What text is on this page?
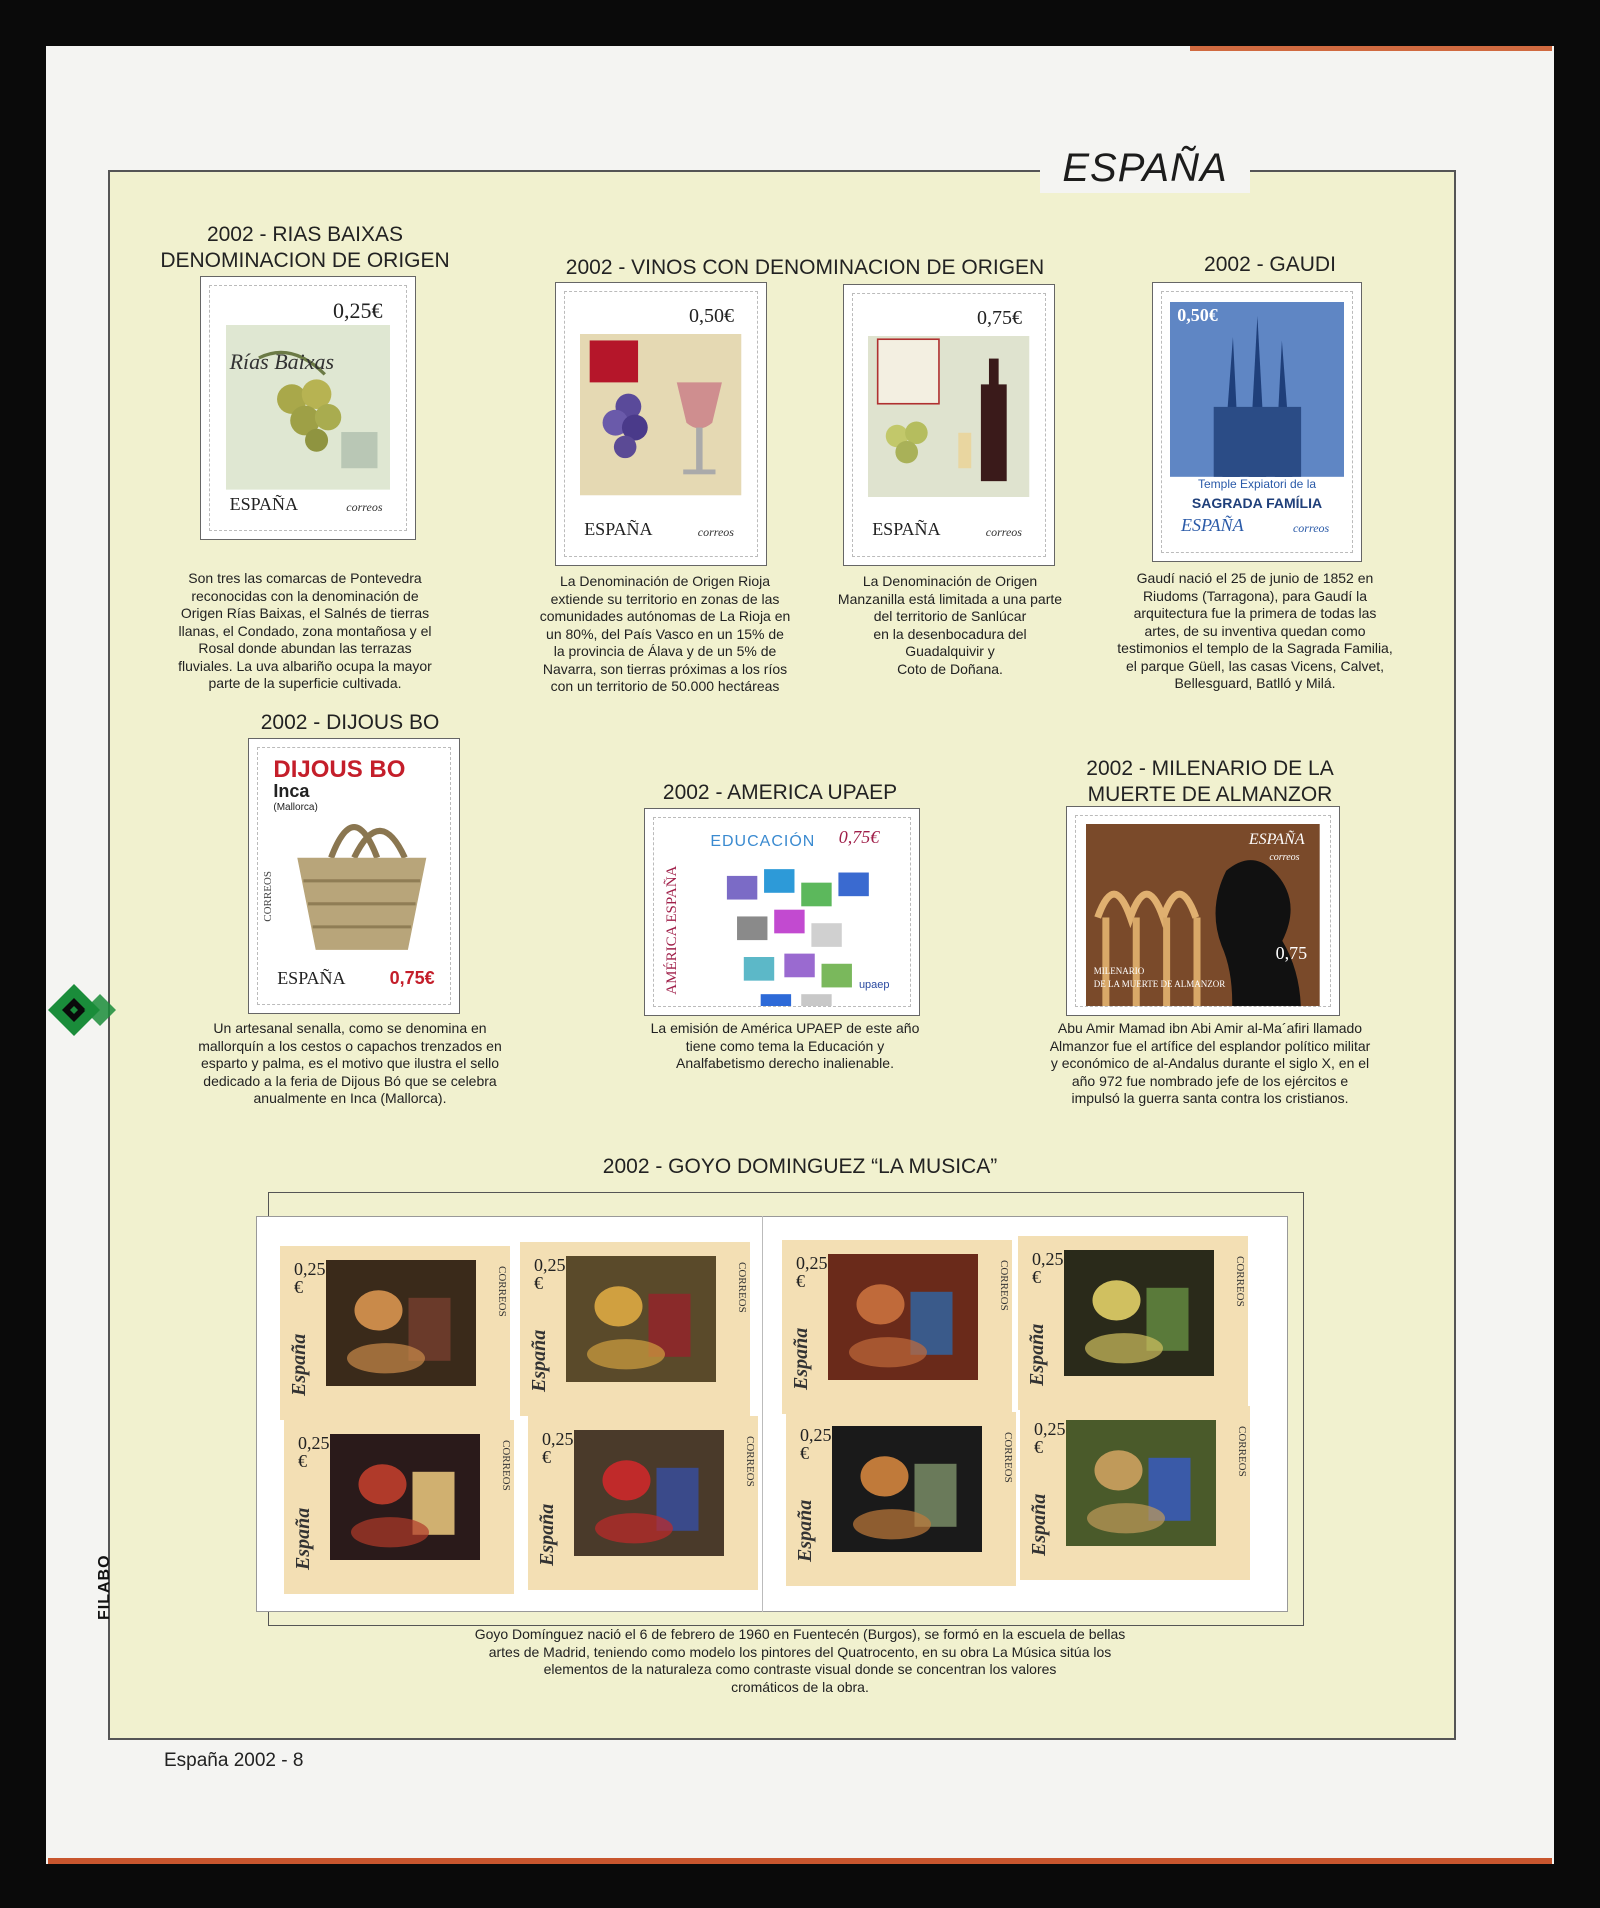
ESPAÑA
FILABO
España 2002 - 8
2002 - RIAS BAIXAS
DENOMINACION DE ORIGEN
0,25€
Rías Baixas
ESPAÑA	correos
Son tres las comarcas de Pontevedra
reconocidas con la denominación de
Origen Rías Baixas, el Salnés de tierras
llanas, el Condado, zona montañosa y el
Rosal donde abundan las terrazas
fluviales. La uva albariño ocupa la mayor
parte de la superficie cultivada.
2002 - VINOS CON DENOMINACION DE ORIGEN
0,50€
ESPAÑA	correos
0,75€
ESPAÑA	correos
La Denominación de Origen Rioja
extiende su territorio en zonas de las
comunidades autónomas de La Rioja en
un 80%, del País Vasco en un 15% de
la provincia de Álava y de un 5% de
Navarra, son tierras próximas a los ríos
con un territorio de 50.000 hectáreas
La Denominación de Origen
Manzanilla está limitada a una parte
del territorio de Sanlúcar
en la desenbocadura del
Guadalquivir y
Coto de Doñana.
2002 - GAUDI
0,50€
Temple Expiatori de la
SAGRADA FAMÍLIA
ESPAÑA	correos
Gaudí nació el 25 de junio de 1852 en
Riudoms (Tarragona), para Gaudí la
arquitectura fue la primera de todas las
artes, de su inventiva quedan como
testimonios el templo de la Sagrada Familia,
el parque Güell, las casas Vicens, Calvet,
Bellesguard, Batlló y Milá.
2002 - DIJOUS BO
DIJOUS BO
Inca
(Mallorca)
CORREOS
ESPAÑA 0,75€
Un artesanal senalla, como se denomina en
mallorquín a los cestos o capachos trenzados en
esparto y palma, es el motivo que ilustra el sello
dedicado a la feria de Dijous Bó que se celebra
anualmente en Inca (Mallorca).
2002 - AMERICA UPAEP
AMÉRICA ESPAÑA
EDUCACIÓN 0,75€
upaep
La emisión de América UPAEP de este año
tiene como tema la Educación y
Analfabetismo derecho inalienable.
2002 - MILENARIO DE LA
MUERTE DE ALMANZOR
ESPAÑA
correos
0,75
MILENARIO
DE LA MUERTE DE ALMANZOR
Abu Amir Mamad ibn Abi Amir al-Ma´afiri llamado
Almanzor fue el artífice del esplandor político militar
y económico de al-Andalus durante el siglo X, en el
año 972 fue nombrado jefe de los ejércitos e
impulsó la guerra santa contra los cristianos.
2002 - GOYO DOMINGUEZ “LA MUSICA”
0,25
€
España
CORREOS
0,25
€
España
CORREOS	0,25
€
España
CORREOS
0,25
€
España
CORREOS
0,25
€
España
CORREOS
0,25
€
España
CORREOS
0,25
€
España
CORREOS
0,25
€
España
CORREOS
Goyo Domínguez nació el 6 de febrero de 1960 en Fuentecén (Burgos), se formó en la escuela de bellas
artes de Madrid, teniendo como modelo los pintores del Quatrocento, en su obra La Música sitúa los
elementos de la naturaleza como contraste visual donde se concentran los valores
cromáticos de la obra.
